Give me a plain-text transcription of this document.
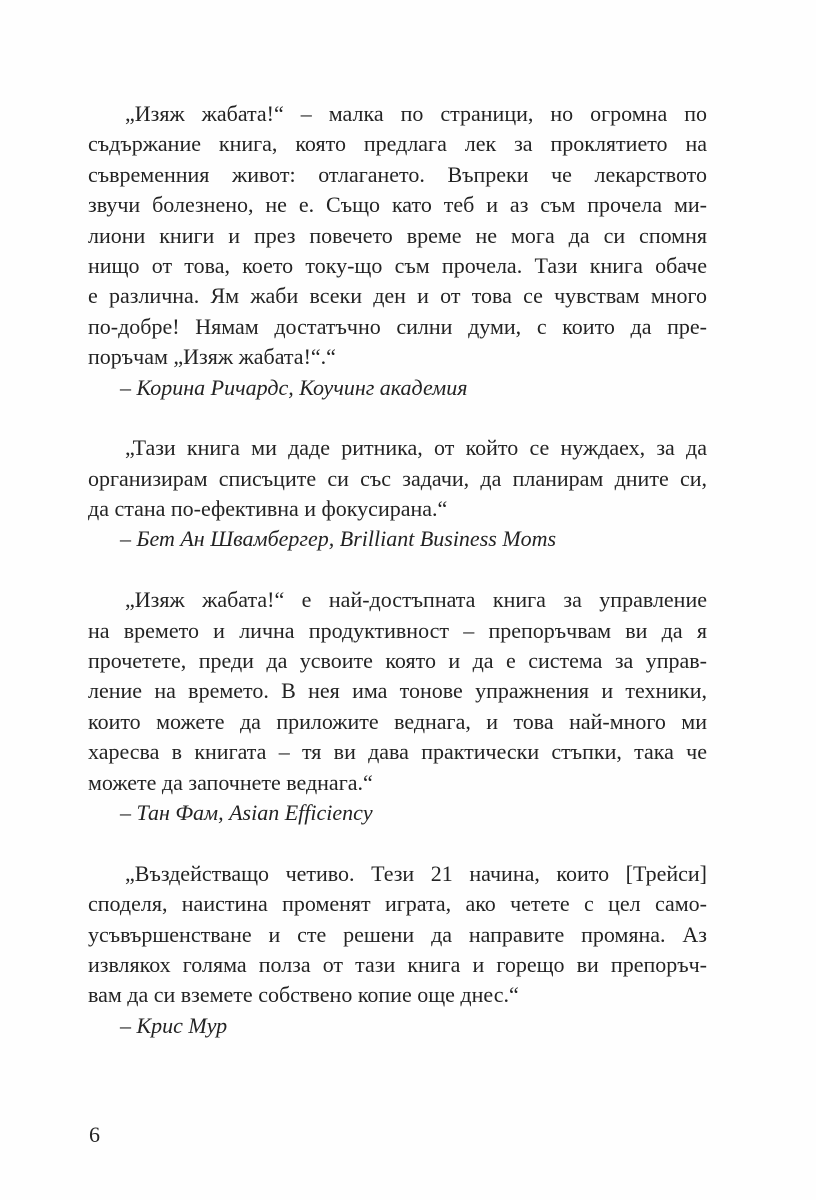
„Изяж жабата!“ – малка по страници, но огромна по

съдържание книга, която предлага лек за проклятието на

съвременния живот: отлагането. Въпреки че лекарството

звучи болезнено, не е. Също като теб и аз съм прочела ми-

лиони книги и през повечето време не мога да си спомня

нищо от това, което току-що съм прочела. Тази книга обаче

е различна. Ям жаби всеки ден и от това се чувствам много

по-добре! Нямам достатъчно силни думи, с които да пре-

поръчам „Изяж жабата!“.“

– Корина Ричардс, Коучинг академия

„Тази книга ми даде ритника, от който се нуждаех, за да

организирам списъците си със задачи, да планирам дните си,

да стана по-ефективна и фокусирана.“

– Бет Ан Швамбергер, Brilliant Business Moms

„Изяж жабата!“ е най-достъпната книга за управление

на времето и лична продуктивност – препоръчвам ви да я

прочетете, преди да усвоите която и да е система за управ-

ление на времето. В нея има тонове упражнения и техники,

които можете да приложите веднага, и това най-много ми

харесва в книгата – тя ви дава практически стъпки, така че

можете да започнете веднага.“

– Тан Фам, Asian Efficiency

„Въздействащо четиво. Тези 21 начина, които [Трейси]

споделя, наистина променят играта, ако четете с цел само-

усъвършенстване и сте решени да направите промяна. Аз

извлякох голяма полза от тази книга и горещо ви препоръч-

вам да си вземете собствено копие още днес.“

– Крис Мур

6
